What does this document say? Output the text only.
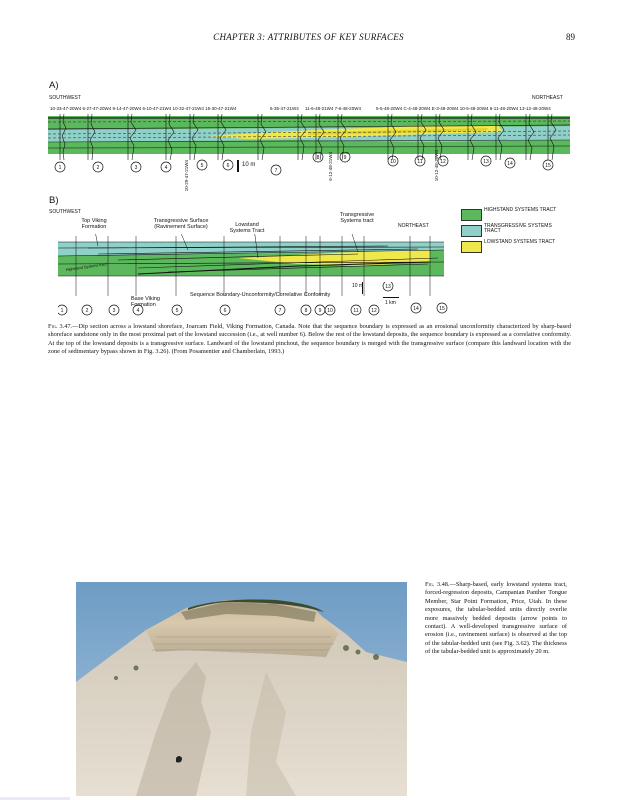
CHAPTER 3: ATTRIBUTES OF KEY SURFACES	89
A)
SOUTHWEST	NORTHEAST
10-33-47-20W4 6-27-47-20W4 9-14-47-20W4 6-10-47-21W4 10-32-47-21W4 15-30-47-21W4	6-35-47-21W4 11-6-48-21W4 7-6-48-20W4	5-5-48-20W4 C-4-48-20W4 E-3-48-20W4 10-5-48-20W4 6-11-48-20W4 13-12-48-20W4
10 m
10-29-47-21W4	6-12-48-21W4	10-12-48-21W4
1	2	3	4	5	6
7
8	9
10	11	12	13	14	15
B)
SOUTHWEST
Top Viking Formation
Transgressive Surface (Ravinement Surface)	Lowstand Systems Tract
Transgressive Systems tract
NORTHEAST
Highstand Systems tract
10 m
1 km
Sequence Boundary-Unconformity/Correlative Conformity
Base Viking Formation
1	2	3	4	5	6	7	8 9 10	11	12
13
14	15
HIGHSTAND SYSTEMS TRACT
TRANSGRESSIVE SYSTEMS TRACT
LOWSTAND SYSTEMS TRACT
Fig. 3.47.—Dip section across a lowstand shoreface, Joarcam Field, Viking Formation, Canada. Note that the sequence boundary is expressed as an erosional unconformity characterized by sharp-based shoreface sandstone only in the most proximal part of the lowstand succession (i.e., at well number 6). Below the rest of the lowstand deposits, the sequence boundary is expressed as a correlative conformity. At the top of the lowstand deposits is a transgressive surface. Landward of the lowstand pinchout, the sequence boundary is merged with the transgressive surface (compare this landward location with the zone of sedimentary bypass shown in Fig. 3.26). (From Posamentier and Chamberlain, 1993.)
Fig. 3.48.—Sharp-based, early lowstand systems tract, forced-regression deposits, Campanian Panther Tongue Member, Star Point Formation, Price, Utah. In these exposures, the tabular-bedded units directly overlie more massively bedded deposits (arrow points to contact). A well-developed transgressive surface of erosion (i.e., ravinement surface) is observed at the top of the tabular-bedded unit (see Fig. 3.62). The thickness of the tabular-bedded unit is approximately 20 m.
